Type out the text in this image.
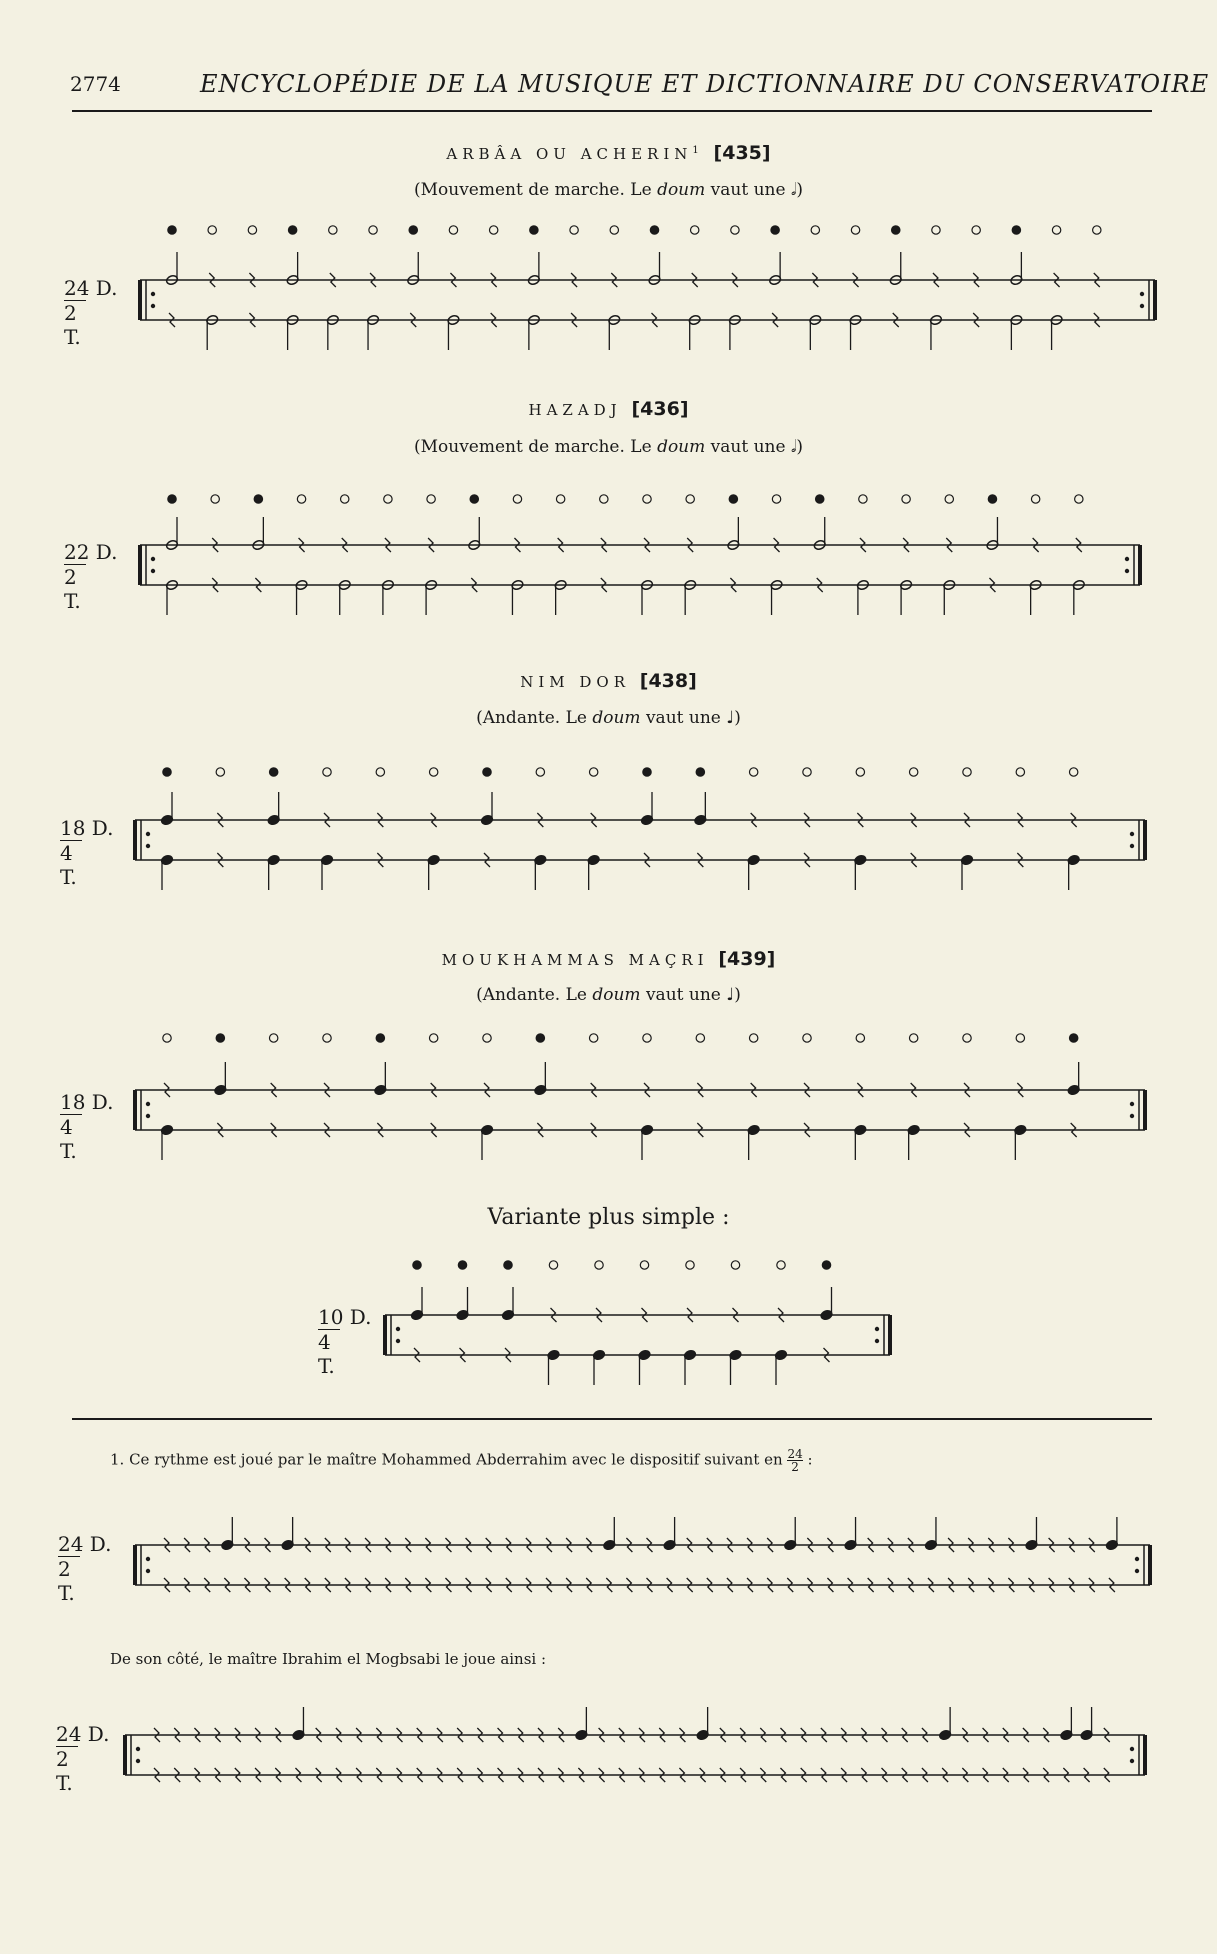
2774	ENCYCLOPÉDIE DE LA MUSIQUE ET DICTIONNAIRE DU CONSERVATOIRE
ARBÂA OU ACHERIN$^1$ [435]
(Mouvement de marche. Le doum vaut une 𝅗𝅥)
24 D.
2 T.
HAZADJ [436]
(Mouvement de marche. Le doum vaut une 𝅗𝅥)
22 D.
2 T.
NIM DOR [438]
(Andante. Le doum vaut une ♩)
18 D.
4 T.
MOUKHAMMAS MAÇRI [439]
(Andante. Le doum vaut une ♩)
18 D.
4 T.
Variante plus simple :
10 D.
4 T.
1. Ce rythme est joué par le maître Mohammed Abderrahim avec le dispositif suivant en $\frac{24}{2}$ :
24 D.
2 T.
De son côté, le maître Ibrahim el Mogbsabi le joue ainsi :
24 D.
2 T.
